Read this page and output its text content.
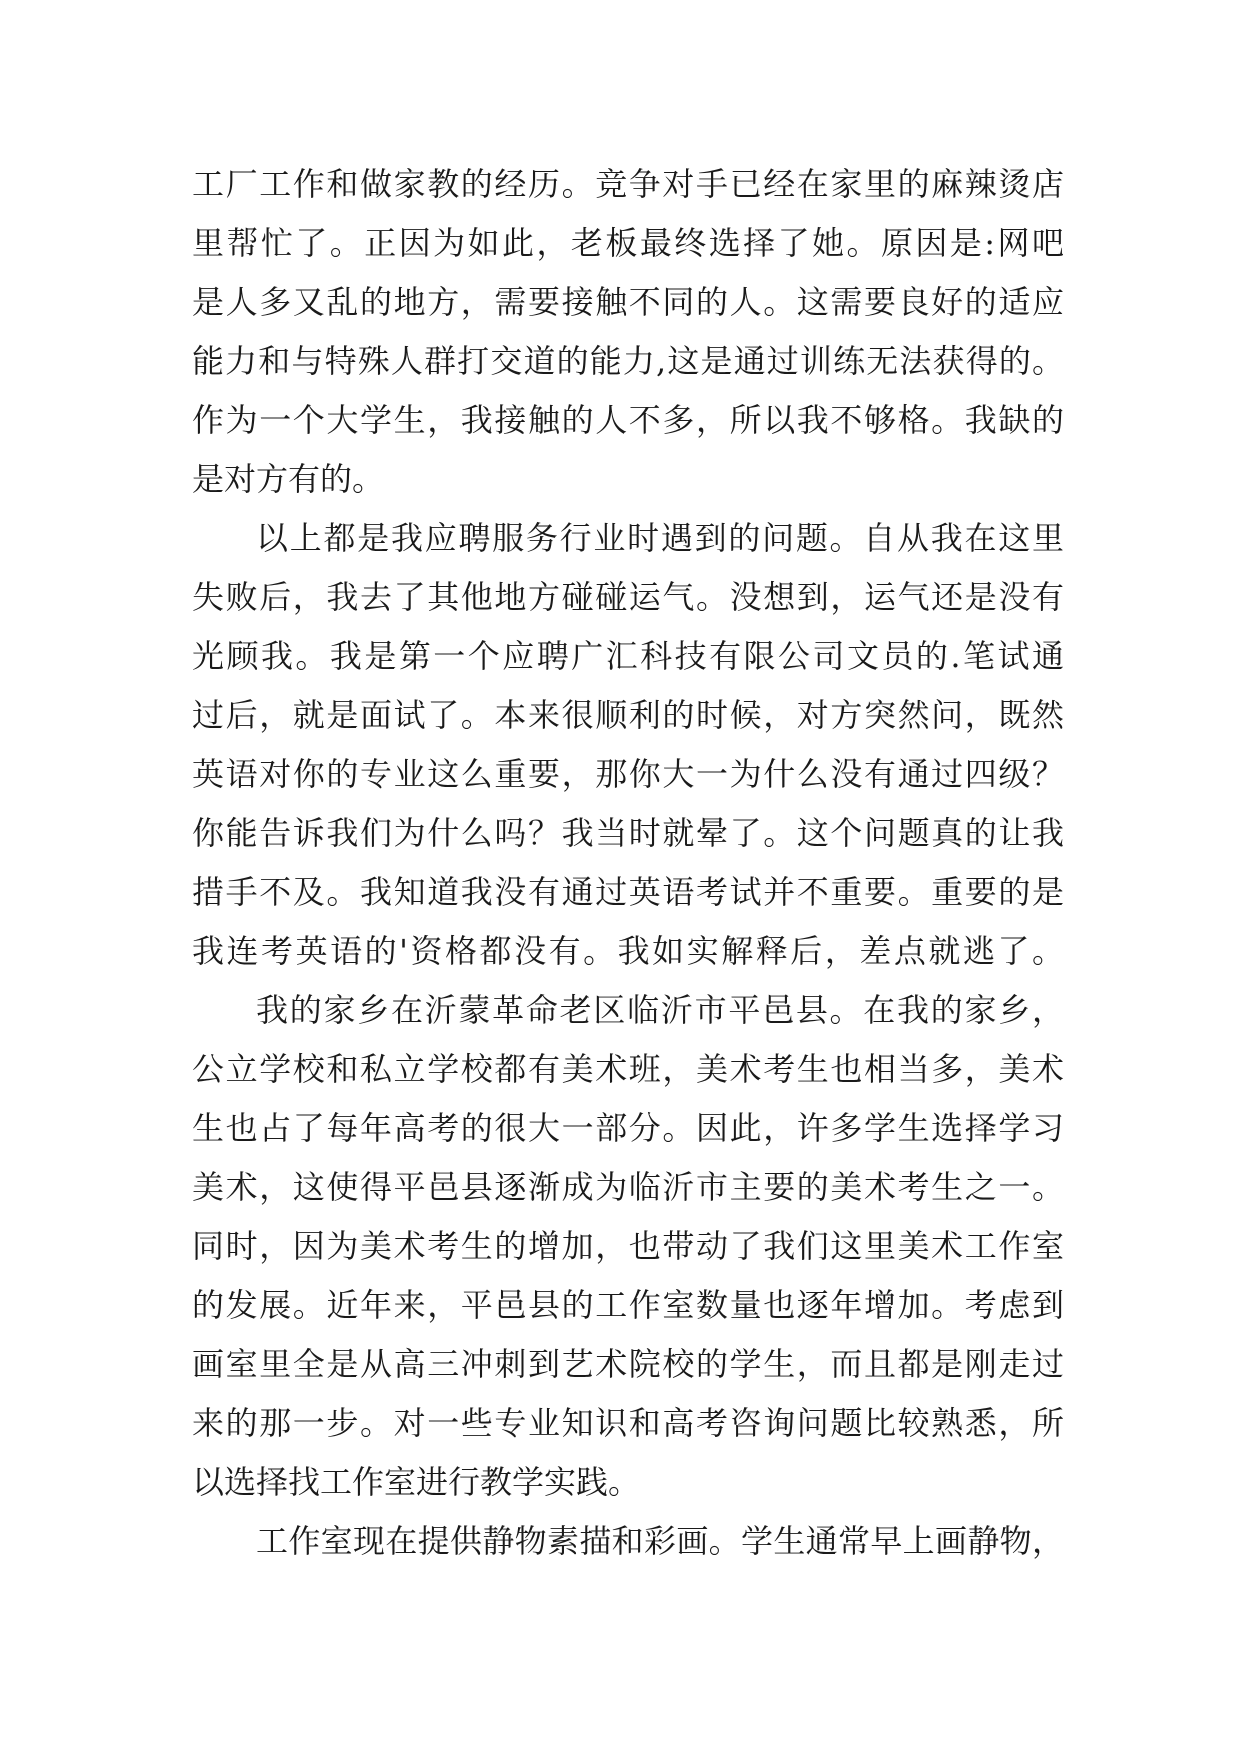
工厂工作和做家教的经历。竞争对手已经在家里的麻辣烫店
里帮忙了。正因为如此，老板最终选择了她。原因是:网吧
是人多又乱的地方，需要接触不同的人。这需要良好的适应
能力和与特殊人群打交道的能力,这是通过训练无法获得的。
作为一个大学生，我接触的人不多，所以我不够格。我缺的
是对方有的。
以上都是我应聘服务行业时遇到的问题。自从我在这里
失败后，我去了其他地方碰碰运气。没想到，运气还是没有
光顾我。我是第一个应聘广汇科技有限公司文员的.笔试通
过后，就是面试了。本来很顺利的时候，对方突然问，既然
英语对你的专业这么重要，那你大一为什么没有通过四级？
你能告诉我们为什么吗？我当时就晕了。这个问题真的让我
措手不及。我知道我没有通过英语考试并不重要。重要的是
我连考英语的'资格都没有。我如实解释后，差点就逃了。
我的家乡在沂蒙革命老区临沂市平邑县。在我的家乡，
公立学校和私立学校都有美术班，美术考生也相当多，美术
生也占了每年高考的很大一部分。因此，许多学生选择学习
美术，这使得平邑县逐渐成为临沂市主要的美术考生之一。
同时，因为美术考生的增加，也带动了我们这里美术工作室
的发展。近年来，平邑县的工作室数量也逐年增加。考虑到
画室里全是从高三冲刺到艺术院校的学生，而且都是刚走过
来的那一步。对一些专业知识和高考咨询问题比较熟悉，所
以选择找工作室进行教学实践。
工作室现在提供静物素描和彩画。学生通常早上画静物，
